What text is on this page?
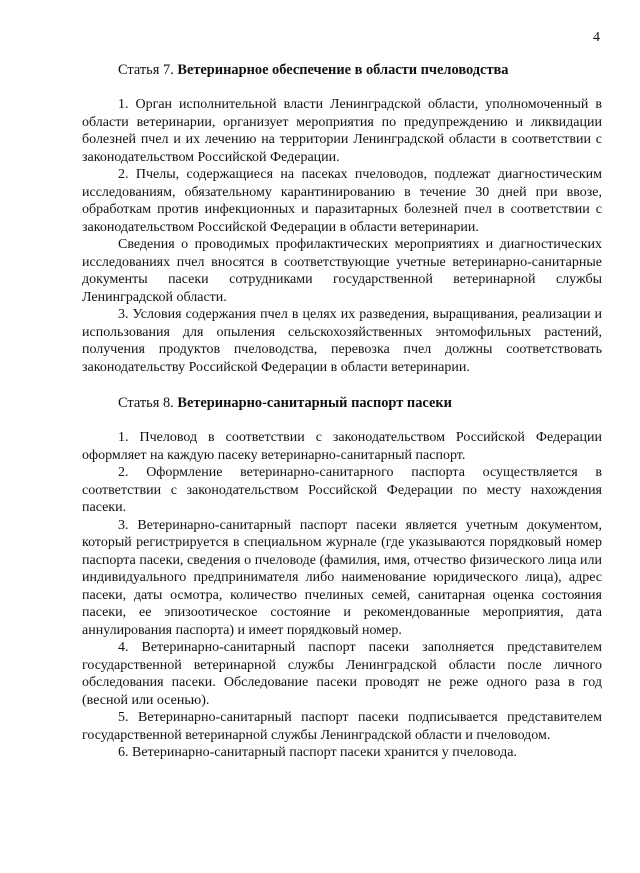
4

Статья 7. Ветеринарное обеспечение в области пчеловодства

1. Орган исполнительной власти Ленинградской области, уполномоченный в области ветеринарии, организует мероприятия по предупреждению и ликвидации болезней пчел и их лечению на территории Ленинградской области в соответствии с законодательством Российской Федерации.

2. Пчелы, содержащиеся на пасеках пчеловодов, подлежат диагностическим исследованиям, обязательному карантинированию в течение 30 дней при ввозе, обработкам против инфекционных и паразитарных болезней пчел в соответствии с законодательством Российской Федерации в области ветеринарии.

Сведения о проводимых профилактических мероприятиях и диагностических исследованиях пчел вносятся в соответствующие учетные ветеринарно-санитарные документы пасеки сотрудниками государственной ветеринарной службы Ленинградской области.

3. Условия содержания пчел в целях их разведения, выращивания, реализации и использования для опыления сельскохозяйственных энтомофильных растений, получения продуктов пчеловодства, перевозка пчел должны соответствовать законодательству Российской Федерации в области ветеринарии.

Статья 8. Ветеринарно-санитарный паспорт пасеки

1. Пчеловод в соответствии с законодательством Российской Федерации оформляет на каждую пасеку ветеринарно-санитарный паспорт.

2. Оформление ветеринарно-санитарного паспорта осуществляется в соответствии с законодательством Российской Федерации по месту нахождения пасеки.

3. Ветеринарно-санитарный паспорт пасеки является учетным документом, который регистрируется в специальном журнале (где указываются порядковый номер паспорта пасеки, сведения о пчеловоде (фамилия, имя, отчество физического лица или индивидуального предпринимателя либо наименование юридического лица), адрес пасеки, даты осмотра, количество пчелиных семей, санитарная оценка состояния пасеки, ее эпизоотическое состояние и рекомендованные мероприятия, дата аннулирования паспорта) и имеет порядковый номер.

4. Ветеринарно-санитарный паспорт пасеки заполняется представителем государственной ветеринарной службы Ленинградской области после личного обследования пасеки. Обследование пасеки проводят не реже одного раза в год (весной или осенью).

5. Ветеринарно-санитарный паспорт пасеки подписывается представителем государственной ветеринарной службы Ленинградской области и пчеловодом.

6. Ветеринарно-санитарный паспорт пасеки хранится у пчеловода.
